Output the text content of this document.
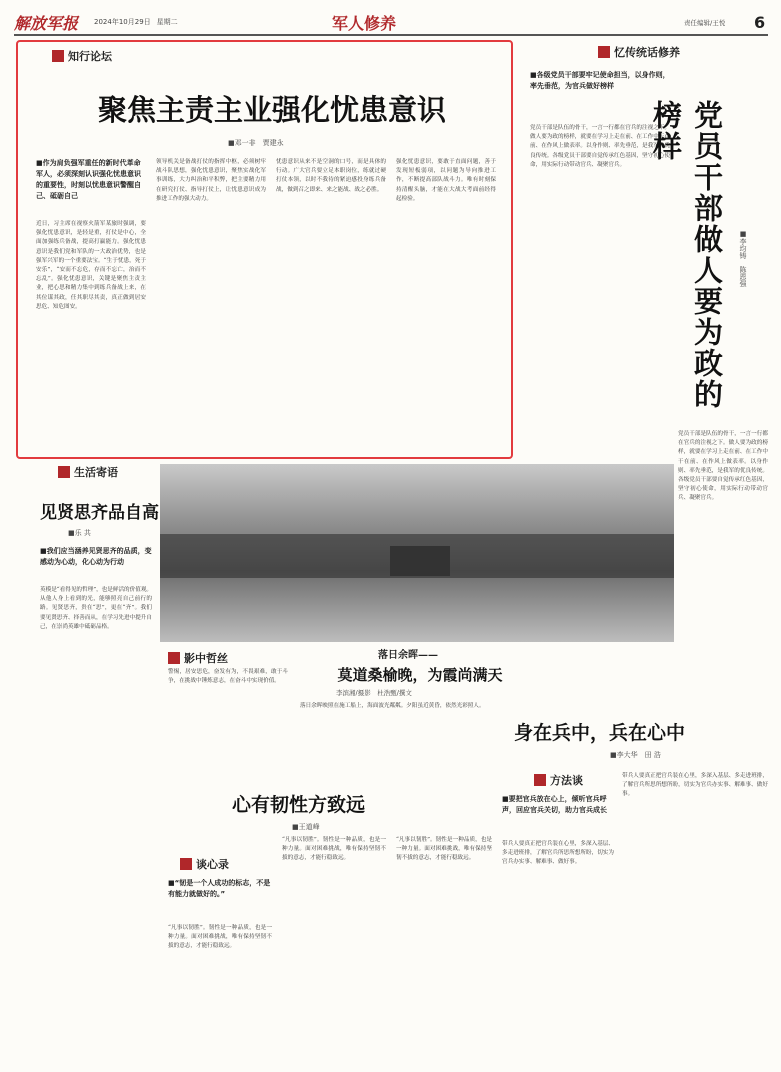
解放军报 2024年10月29日 星期二	军人修养	责任编辑/王悦 6
知行论坛
聚焦主责主业强化忧患意识
■邓一非　贾建永
■作为肩负强军重任的新时代革命军人，必须深刻认识强化忧患意识的重要性，时刻以忧患意识警醒自己、砥砺自己
近日，习主席在视察火箭军某旅时强调，要强化忧患意识，是轻是重，打仗是中心，全面加强练兵备战，提高打赢能力。强化忧患意识是我们党和军队的一大政治优势，也是强军兴军的一个重要法宝。“生于忧患，死于安乐”，“安而不忘危，存而不忘亡，治而不忘乱”。强化忧患意识，关键是聚焦主责主业，把心思和精力集中到练兵备战上来，在其位谋其政，任其职尽其责，真正做到居安思危、知危图安。
领导机关是备战打仗的指挥中枢，必须树牢战斗队思想，强化忧患意识，聚焦实战化军事训练，大力纠治和平积弊，把主要精力用在研究打仗、指导打仗上，让忧患意识成为推进工作的强大动力。
忧患意识从来不是空洞的口号，而是具体的行动。广大官兵要立足本职岗位，练就过硬打仗本领，以时不我待的紧迫感投身练兵备战，做到召之即来、来之能战、战之必胜。
强化忧患意识，要敢于直面问题，善于发现短板弱项，以问题为导向推进工作，不断提高部队战斗力。唯有时刻保持清醒头脑，才能在大战大考面前经得起检验。
忆传统话修养
■各级党员干部要牢记使命担当，以身作则，率先垂范，为官兵做好榜样
党员干部是队伍的骨干，一言一行都在官兵的注视之下。做人要为政的榜样，就要在学习上走在前、在工作中干在前、在作风上做表率。以身作则、率先垂范，是我军的优良传统。各级党员干部要自觉传承红色基因，坚守初心使命，用实际行动带动官兵、凝聚官兵。	党员干部做人要为政的榜样
■李均铸　陈恩强
党员干部是队伍的骨干，一言一行都在官兵的注视之下。做人要为政的榜样，就要在学习上走在前、在工作中干在前、在作风上做表率。以身作则、率先垂范，是我军的优良传统。各级党员干部要自觉传承红色基因，坚守初心使命，用实际行动带动官兵、凝聚官兵。
生活寄语
见贤思齐品自高
■乐 共
■我们应当涵养见贤思齐的品质，变感动为心动，化心动为行动
英模是“看得见的哲理”，也是鲜活的价值观。从他人身上看到的光，能够照亮自己前行的路。见贤思齐，贵在“思”，更在“齐”。我们要见贤思齐、择善而从，在学习先进中提升自己，在崇尚英雄中砥砺品格。
影中哲丝
警惕，居安思危，奋发有为，不畏艰难，敢于斗争，在挑战中锤炼意志，在奋斗中实现价值。
落日余晖——
莫道桑榆晚，为霞尚满天
李滨湘/摄影　杜浩甄/撰文
落日余晖映照在施工船上，海面波光粼粼。夕阳虽近黄昏，依然光彩照人。
心有韧性方致远
■王道峰
谈心录
■“韧是一个人成功的标志，不是有能力就做好的。”
“凡事以韧胜”。韧性是一种品质，也是一种力量。面对困难挑战，唯有保持坚韧不拔的意志，才能行稳致远。
“凡事以韧胜”。韧性是一种品质，也是一种力量。面对困难挑战，唯有保持坚韧不拔的意志，才能行稳致远。
“凡事以韧胜”。韧性是一种品质，也是一种力量。面对困难挑战，唯有保持坚韧不拔的意志，才能行稳致远。
身在兵中，兵在心中
■李大华　田 浩
方法谈
■要把官兵放在心上，倾听官兵呼声，回应官兵关切，助力官兵成长
带兵人要真正把官兵装在心里，多深入基层、多走进班排，了解官兵所思所想所盼，切实为官兵办实事、解难事、做好事。
带兵人要真正把官兵装在心里，多深入基层、多走进班排，了解官兵所思所想所盼，切实为官兵办实事、解难事、做好事。
